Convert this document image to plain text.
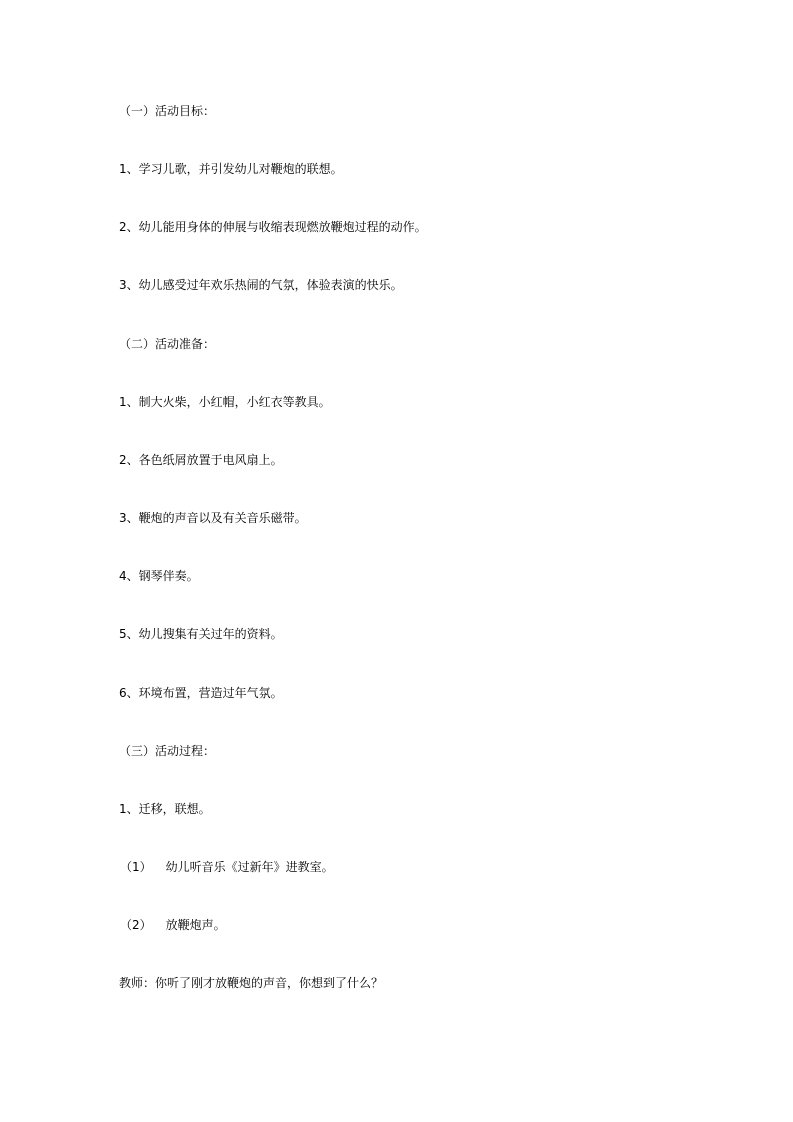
（一）活动目标：
1、学习儿歌，并引发幼儿对鞭炮的联想。
2、幼儿能用身体的伸展与收缩表现燃放鞭炮过程的动作。
3、幼儿感受过年欢乐热闹的气氛，体验表演的快乐。
（二）活动准备：
1、制大火柴，小红帽，小红衣等教具。
2、各色纸屑放置于电风扇上。
3、鞭炮的声音以及有关音乐磁带。
4、钢琴伴奏。
5、幼儿搜集有关过年的资料。
6、环境布置，营造过年气氛。
（三）活动过程：
1、迁移，联想。
（1） 幼儿听音乐《过新年》进教室。
（2） 放鞭炮声。
教师：你听了刚才放鞭炮的声音，你想到了什么？
